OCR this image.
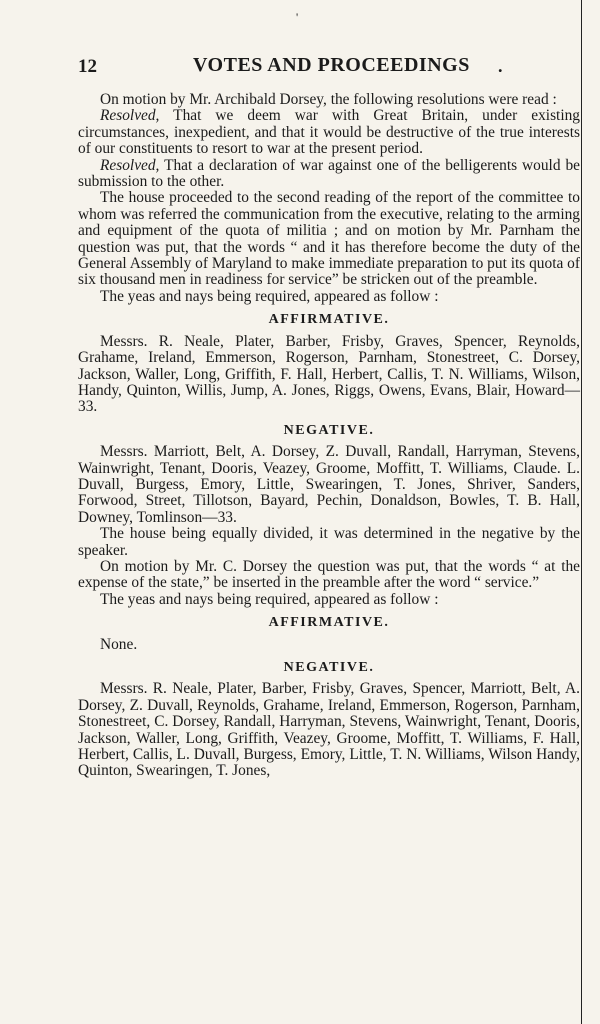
'
12	VOTES AND PROCEEDINGS .

On motion by Mr. Archibald Dorsey, the following resolutions were read :

Resolved, That we deem war with Great Britain, under existing circumstances, inexpedient, and that it would be destructive of the true interests of our constituents to resort to war at the present period.

Resolved, That a declaration of war against one of the belligerents would be submission to the other.

The house proceeded to the second reading of the report of the committee to whom was referred the communication from the executive, relating to the arming and equipment of the quota of militia ; and on motion by Mr. Parnham the question was put, that the words “ and it has therefore become the duty of the General Assembly of Maryland to make immediate preparation to put its quota of six thousand men in readiness for service” be stricken out of the preamble.

The yeas and nays being required, appeared as follow :

AFFIRMATIVE.

Messrs. R. Neale, Plater, Barber, Frisby, Graves, Spencer, Reynolds, Grahame, Ireland, Emmerson, Rogerson, Parnham, Stonestreet, C. Dorsey, Jackson, Waller, Long, Griffith, F. Hall, Herbert, Callis, T. N. Williams, Wilson, Handy, Quinton, Willis, Jump, A. Jones, Riggs, Owens, Evans, Blair, Howard—33.

NEGATIVE.

Messrs. Marriott, Belt, A. Dorsey, Z. Duvall, Randall, Harryman, Stevens, Wainwright, Tenant, Dooris, Veazey, Groome, Moffitt, T. Williams, Claude. L. Duvall, Burgess, Emory, Little, Swearingen, T. Jones, Shriver, Sanders, Forwood, Street, Tillotson, Bayard, Pechin, Donaldson, Bowles, T. B. Hall, Downey, Tomlinson—33.

The house being equally divided, it was determined in the negative by the speaker.

On motion by Mr. C. Dorsey the question was put, that the words “ at the expense of the state,” be inserted in the preamble after the word “ service.”

The yeas and nays being required, appeared as follow :

AFFIRMATIVE.

None.

NEGATIVE.

Messrs. R. Neale, Plater, Barber, Frisby, Graves, Spencer, Marriott, Belt, A. Dorsey, Z. Duvall, Reynolds, Grahame, Ireland, Emmerson, Rogerson, Parnham, Stonestreet, C. Dorsey, Randall, Harryman, Stevens, Wainwright, Tenant, Dooris, Jackson, Waller, Long, Griffith, Veazey, Groome, Moffitt, T. Williams, F. Hall, Herbert, Callis, L. Duvall, Burgess, Emory, Little, T. N. Williams, Wilson Handy, Quinton, Swearingen, T. Jones,
